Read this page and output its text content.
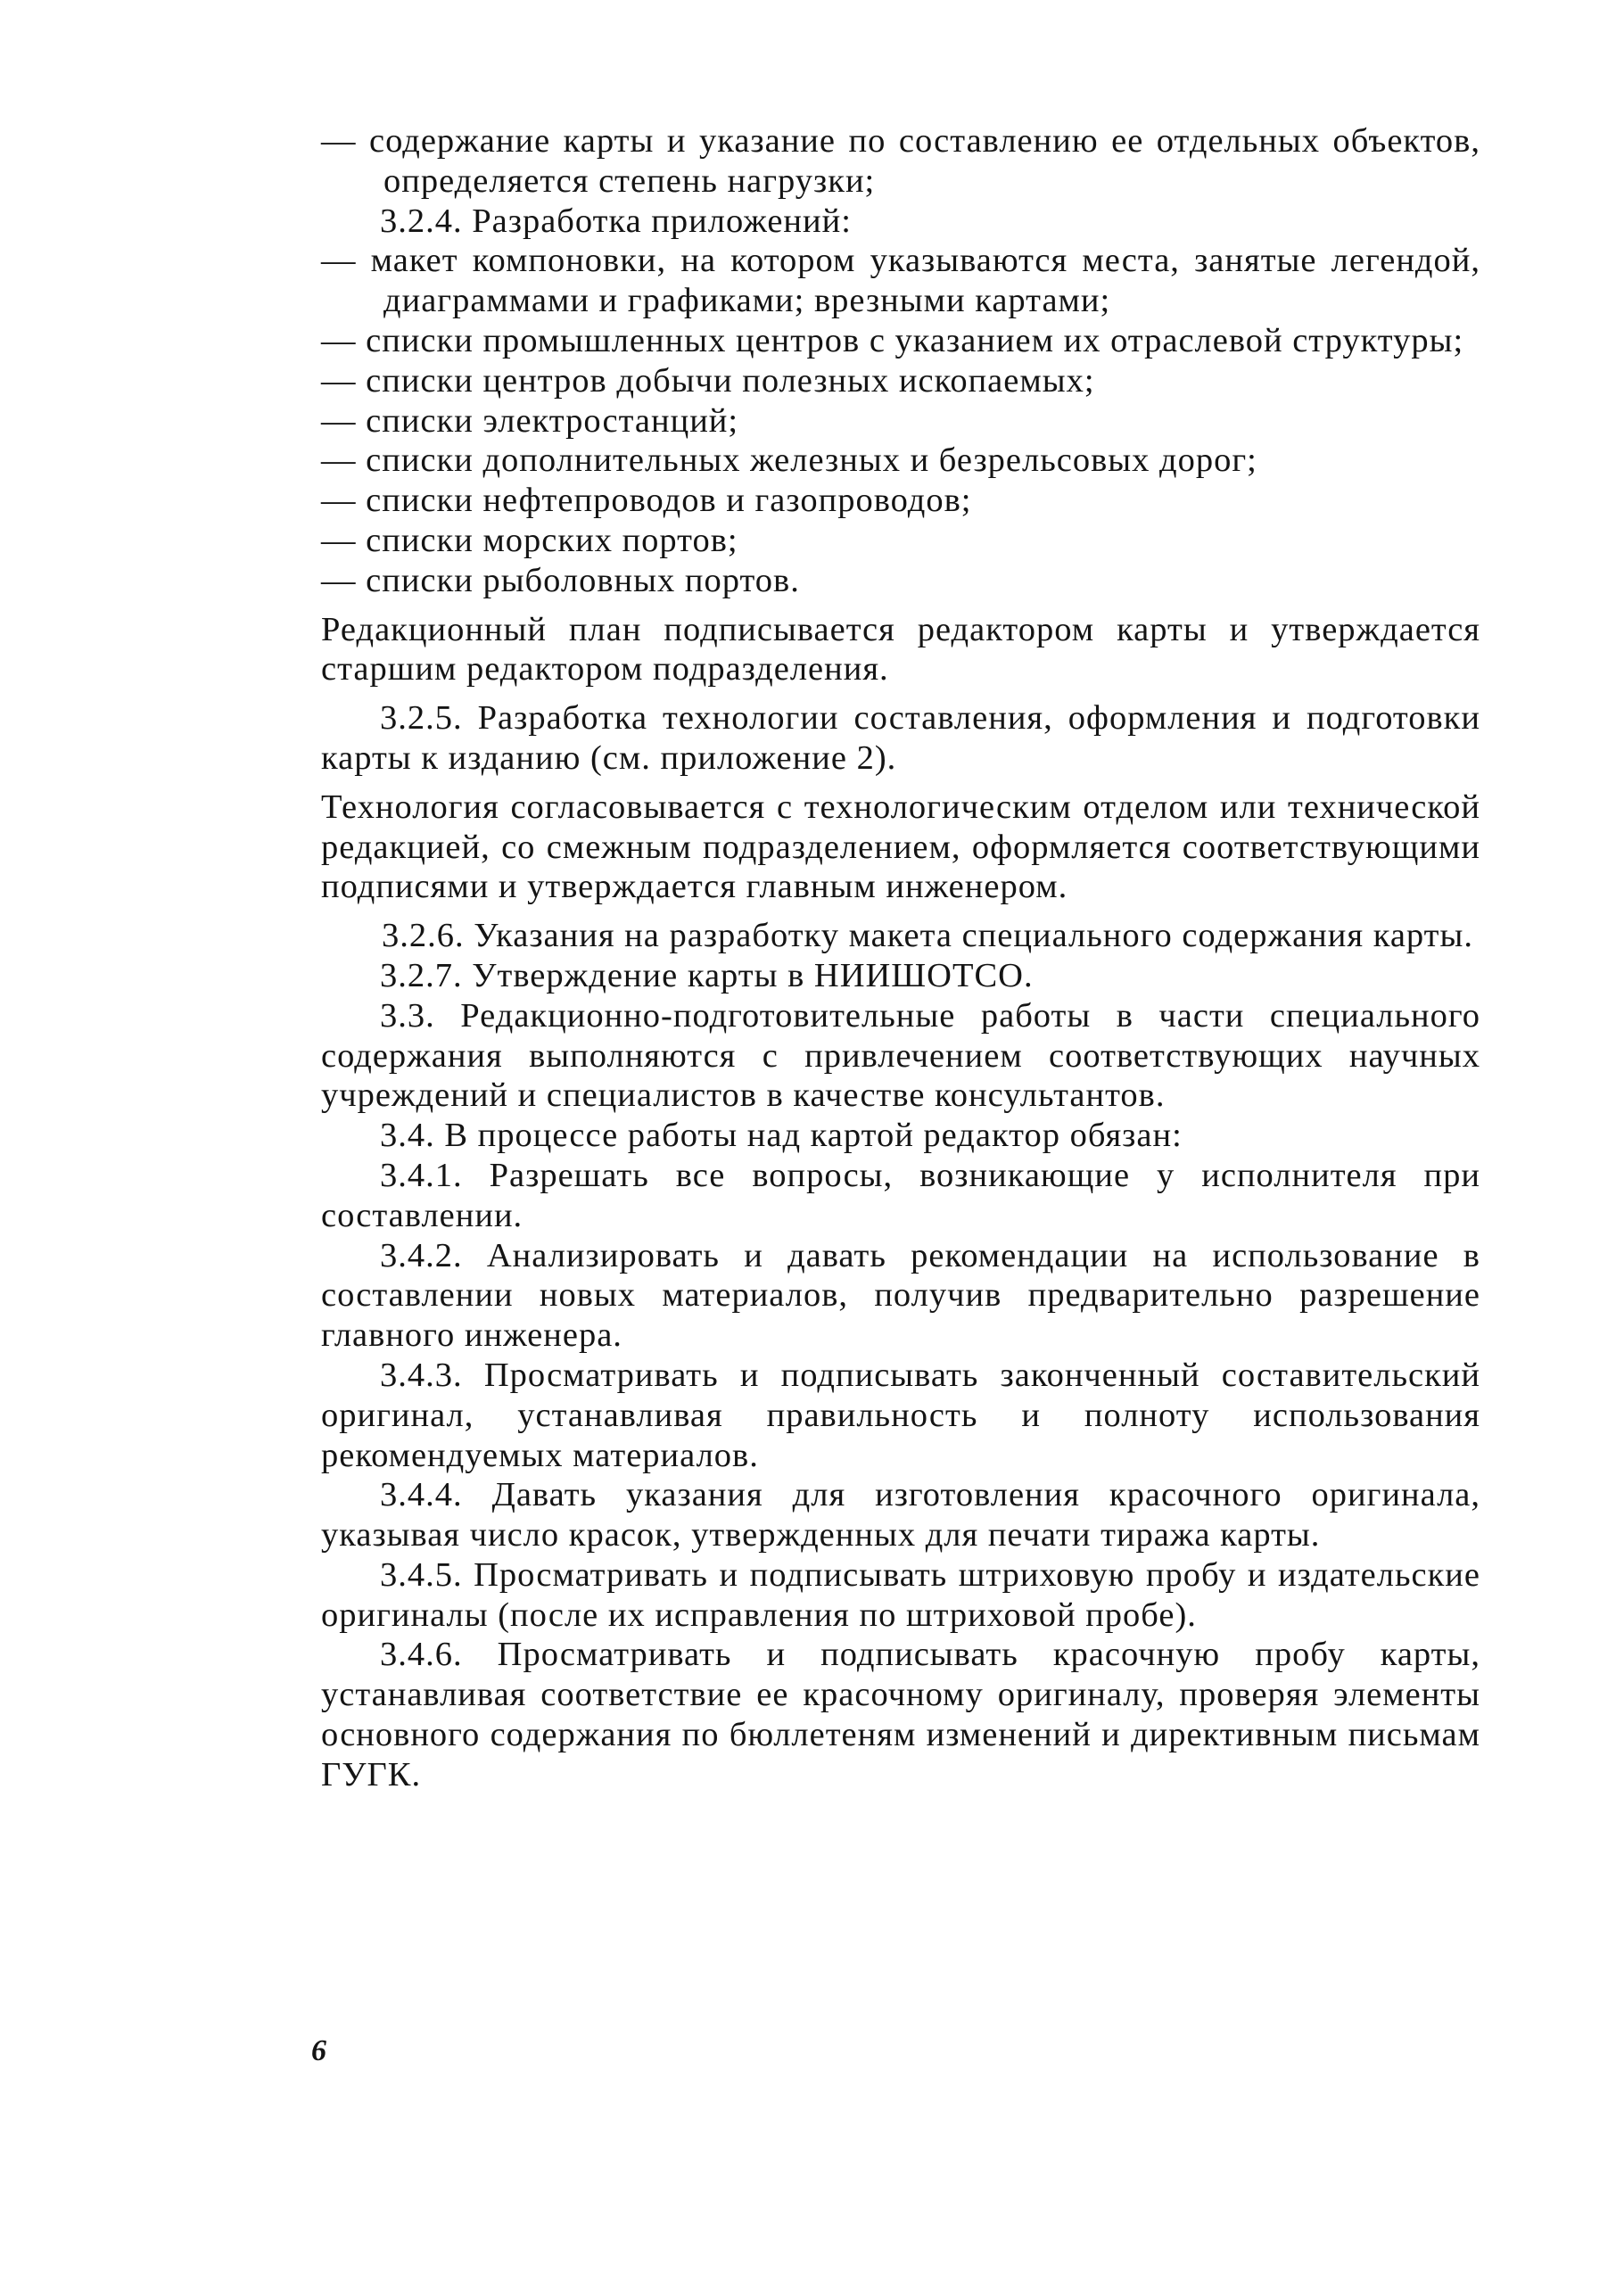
— содержание карты и указание по составлению ее отдельных объектов, определяется степень нагрузки;

3.2.4. Разработка приложений:

— макет компоновки, на котором указываются места, занятые легендой, диаграммами и графиками; врезными картами;

— списки промышленных центров с указанием их отраслевой структуры;

— списки центров добычи полезных ископаемых;

— списки электростанций;

— списки дополнительных железных и безрельсовых дорог;

— списки нефтепроводов и газопроводов;

— списки морских портов;

— списки рыболовных портов.

Редакционный план подписывается редактором карты и утверждается старшим редактором подразделения.

3.2.5. Разработка технологии составления, оформления и подготовки карты к изданию (см. приложение 2).

Технология согласовывается с технологическим отделом или технической редакцией, со смежным подразделением, оформляется соответствующими подписями и утверждается главным инженером.

3.2.6. Указания на разработку макета специального содержания карты.

3.2.7. Утверждение карты в НИИШОТСО.

3.3. Редакционно-подготовительные работы в части специального содержания выполняются с привлечением соответствующих научных учреждений и специалистов в качестве консультантов.

3.4. В процессе работы над картой редактор обязан:

3.4.1. Разрешать все вопросы, возникающие у исполнителя при составлении.

3.4.2. Анализировать и давать рекомендации на использование в составлении новых материалов, получив предварительно разрешение главного инженера.

3.4.3. Просматривать и подписывать законченный составительский оригинал, устанавливая правильность и полноту использования рекомендуемых материалов.

3.4.4. Давать указания для изготовления красочного оригинала, указывая число красок, утвержденных для печати тиража карты.

3.4.5. Просматривать и подписывать штриховую пробу и издательские оригиналы (после их исправления по штриховой пробе).

3.4.6. Просматривать и подписывать красочную пробу карты, устанавливая соответствие ее красочному оригиналу, проверяя элементы основного содержания по бюллетеням изменений и директивным письмам ГУГК.

6
